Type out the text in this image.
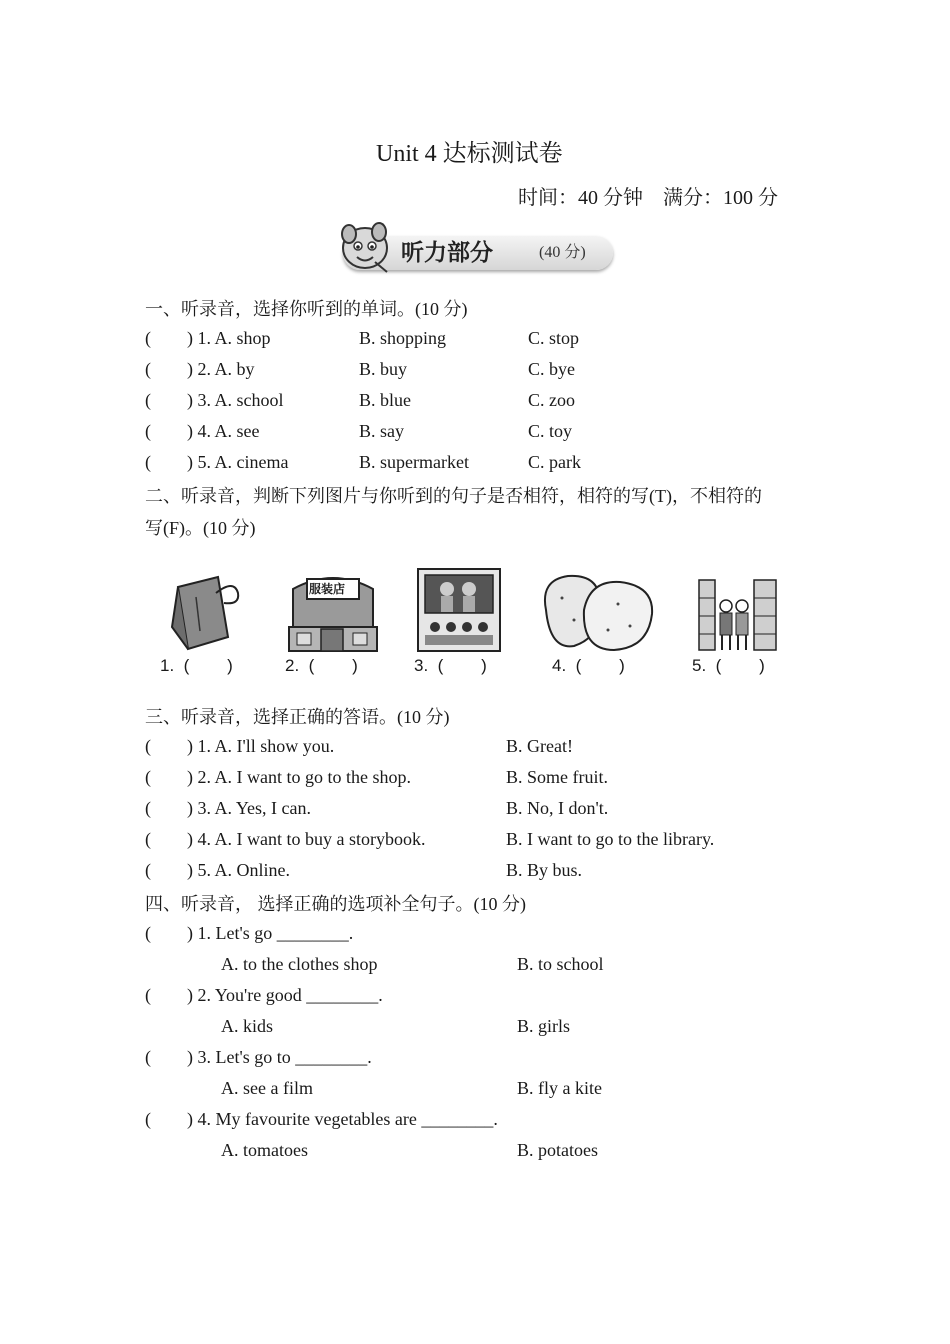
Unit 4 达标测试卷
时间：40 分钟    满分：100 分
听力部分	(40 分)
一、听录音，选择你听到的单词。(10 分)
(        ) 1. A. shop	B. shopping	C. stop
(        ) 2. A. by	B. buy	C. bye
(        ) 3. A. school	B. blue	C. zoo
(        ) 4. A. see	B. say	C. toy
(        ) 5. A. cinema	B. supermarket	C. park
二、听录音，判断下列图片与你听到的句子是否相符，相符的写(T)，不相符的
写(F)。(10 分)
服装店
1.  (        )	2.  (        )	3.  (        )	4.  (        )	5.  (        )
三、听录音，选择正确的答语。(10 分)
(        ) 1. A. I'll show you.	B. Great!
(        ) 2. A. I want to go to the shop.	B. Some fruit.
(        ) 3. A. Yes, I can.	B. No, I don't.
(        ) 4. A. I want to buy a storybook.	B. I want to go to the library.
(        ) 5. A. Online.	B. By bus.
四、听录音， 选择正确的选项补全句子。(10 分)
(        ) 1. Let's go ________.
A. to the clothes shop	B. to school
(        ) 2. You're good ________.
A. kids	B. girls
(        ) 3. Let's go to ________.
A. see a film	B. fly a kite
(        ) 4. My favourite vegetables are ________.
A. tomatoes	B. potatoes
